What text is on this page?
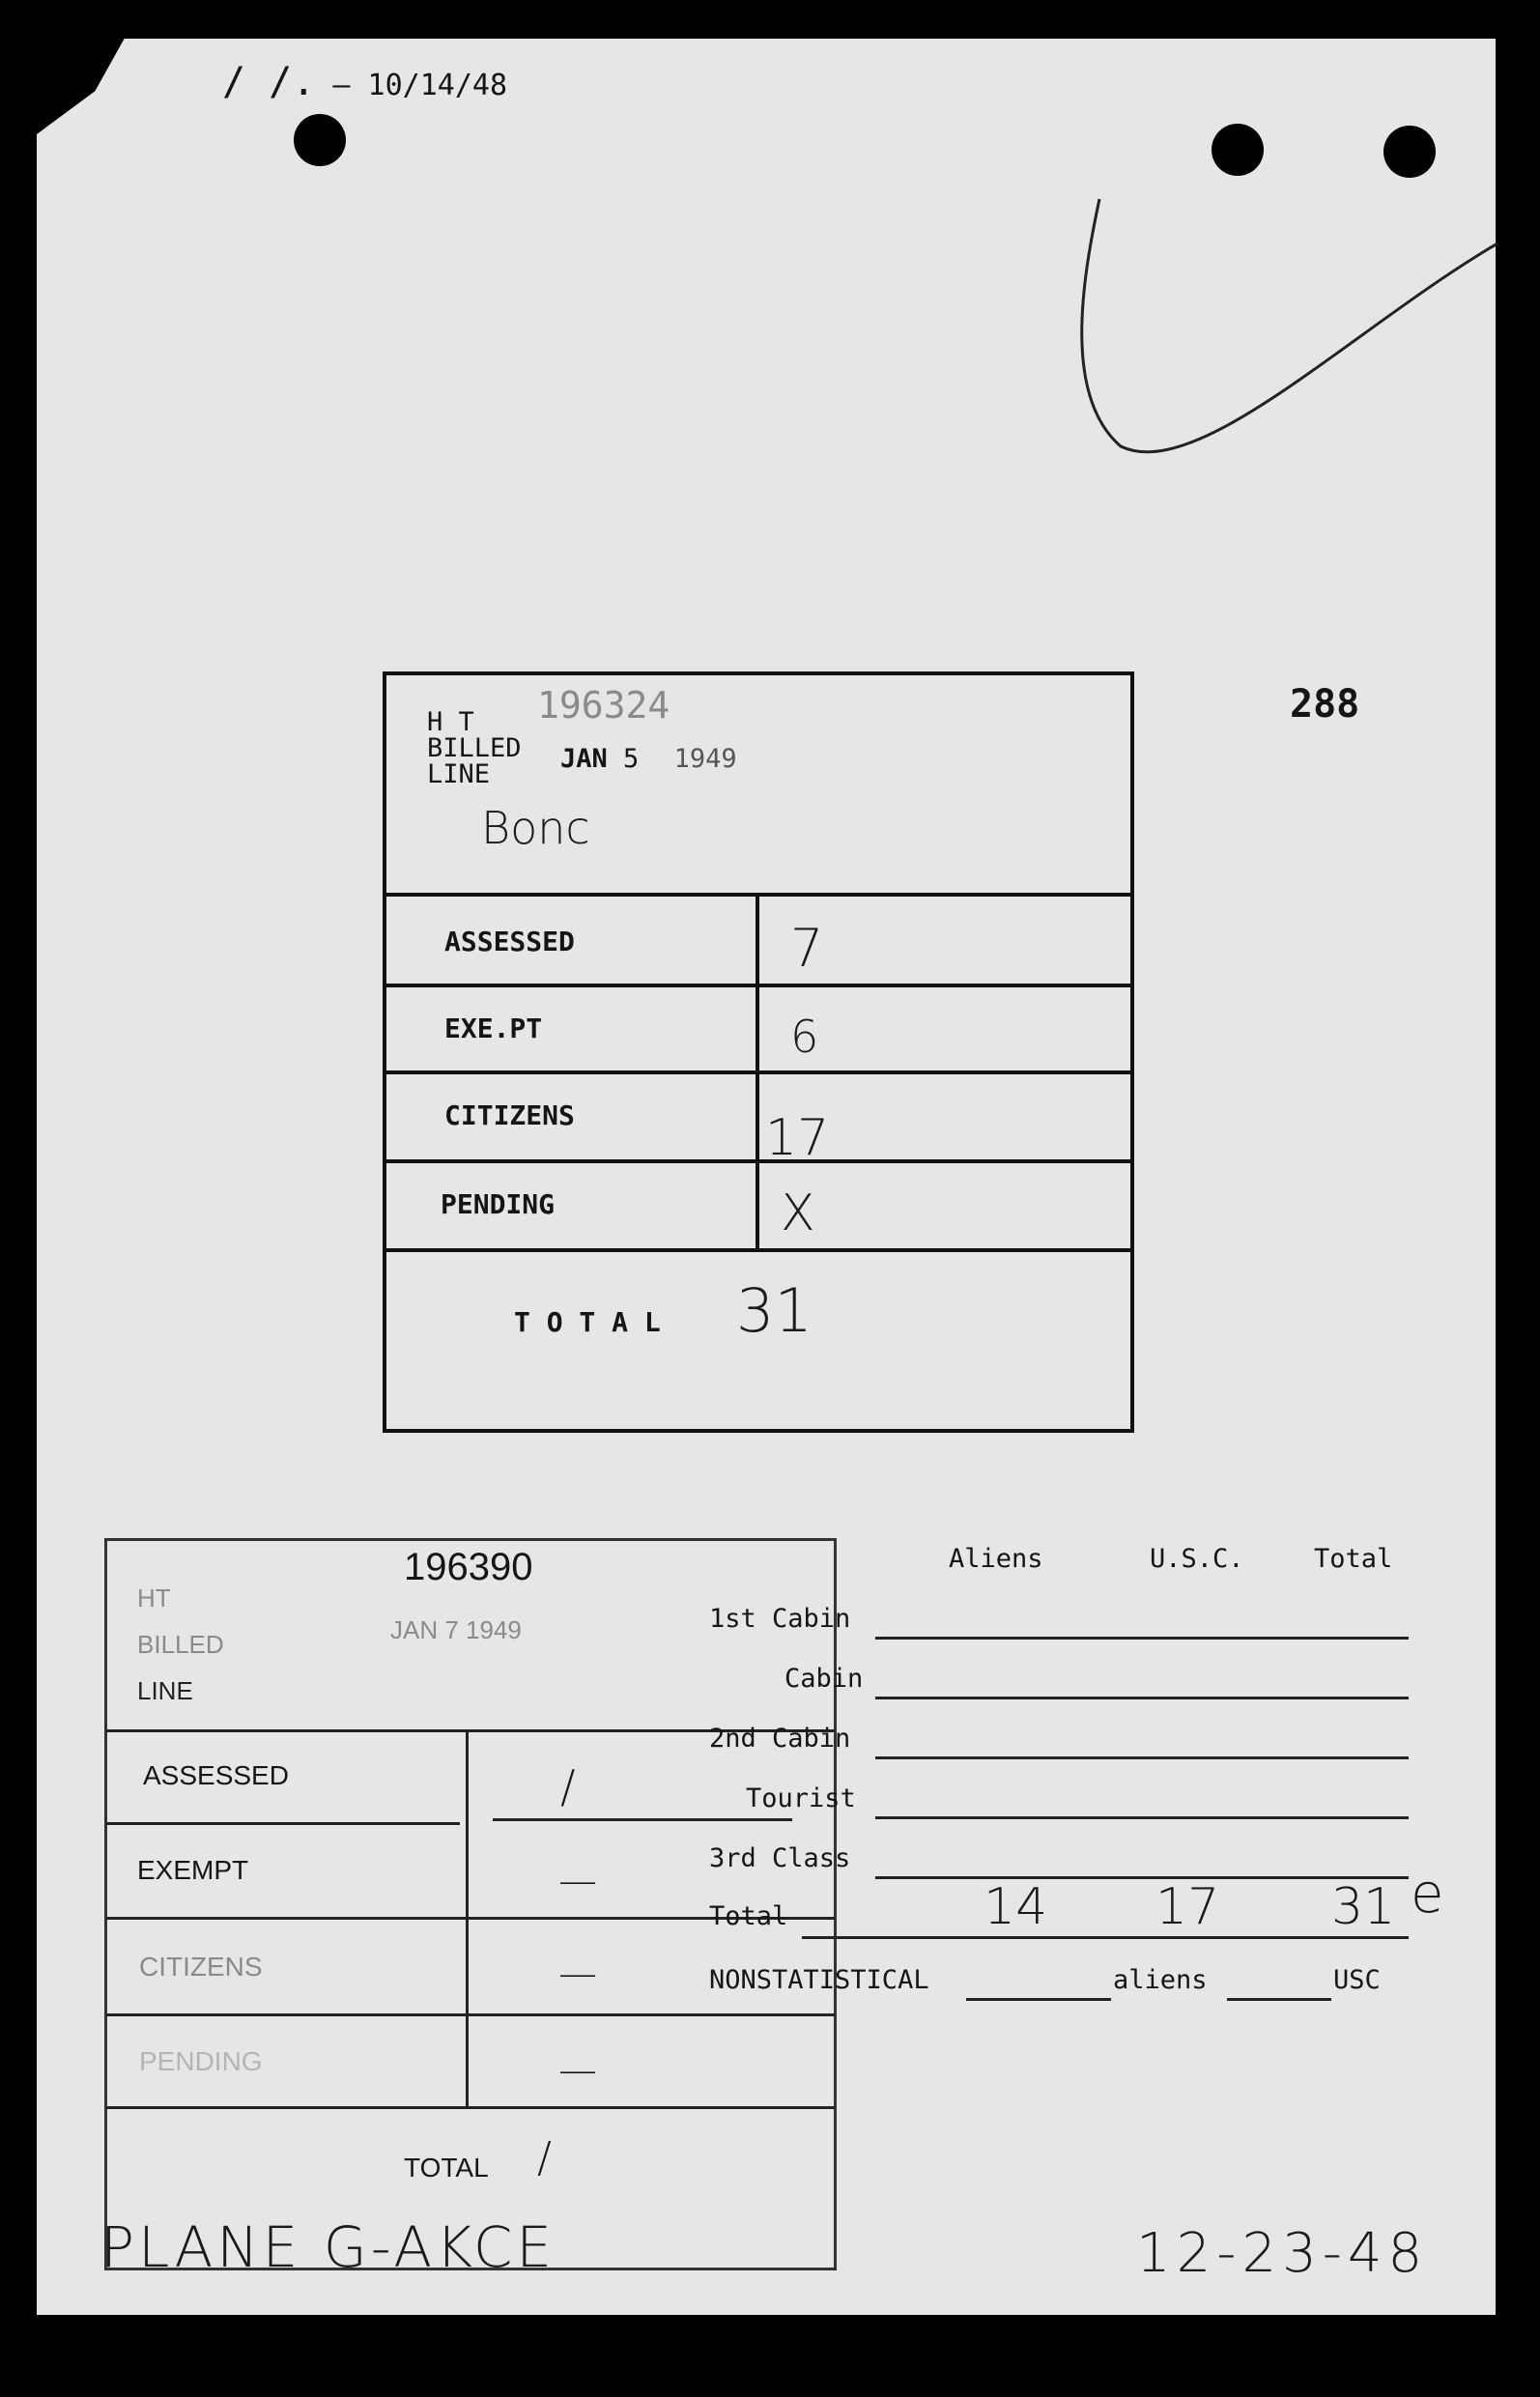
/ /. – 10/14/48
288
H T
BILLED
LINE
196324
JAN 5 1949
Bonc
ASSESSED	7
EXE.PT	6
CITIZENS	17
PENDING	X
T O T A L 31
HT
BILLED
LINE
196390
JAN 7 1949
ASSESSED	/
EXEMPT	—
CITIZENS	—
PENDING	—
TOTAL /
Aliens	U.S.C.	Total
1st Cabin
Cabin
2nd Cabin
Tourist
3rd Class
Total	14 17 31 e
NONSTATISTICAL	aliens	USC
PLANE G-AKCE	12-23-48
